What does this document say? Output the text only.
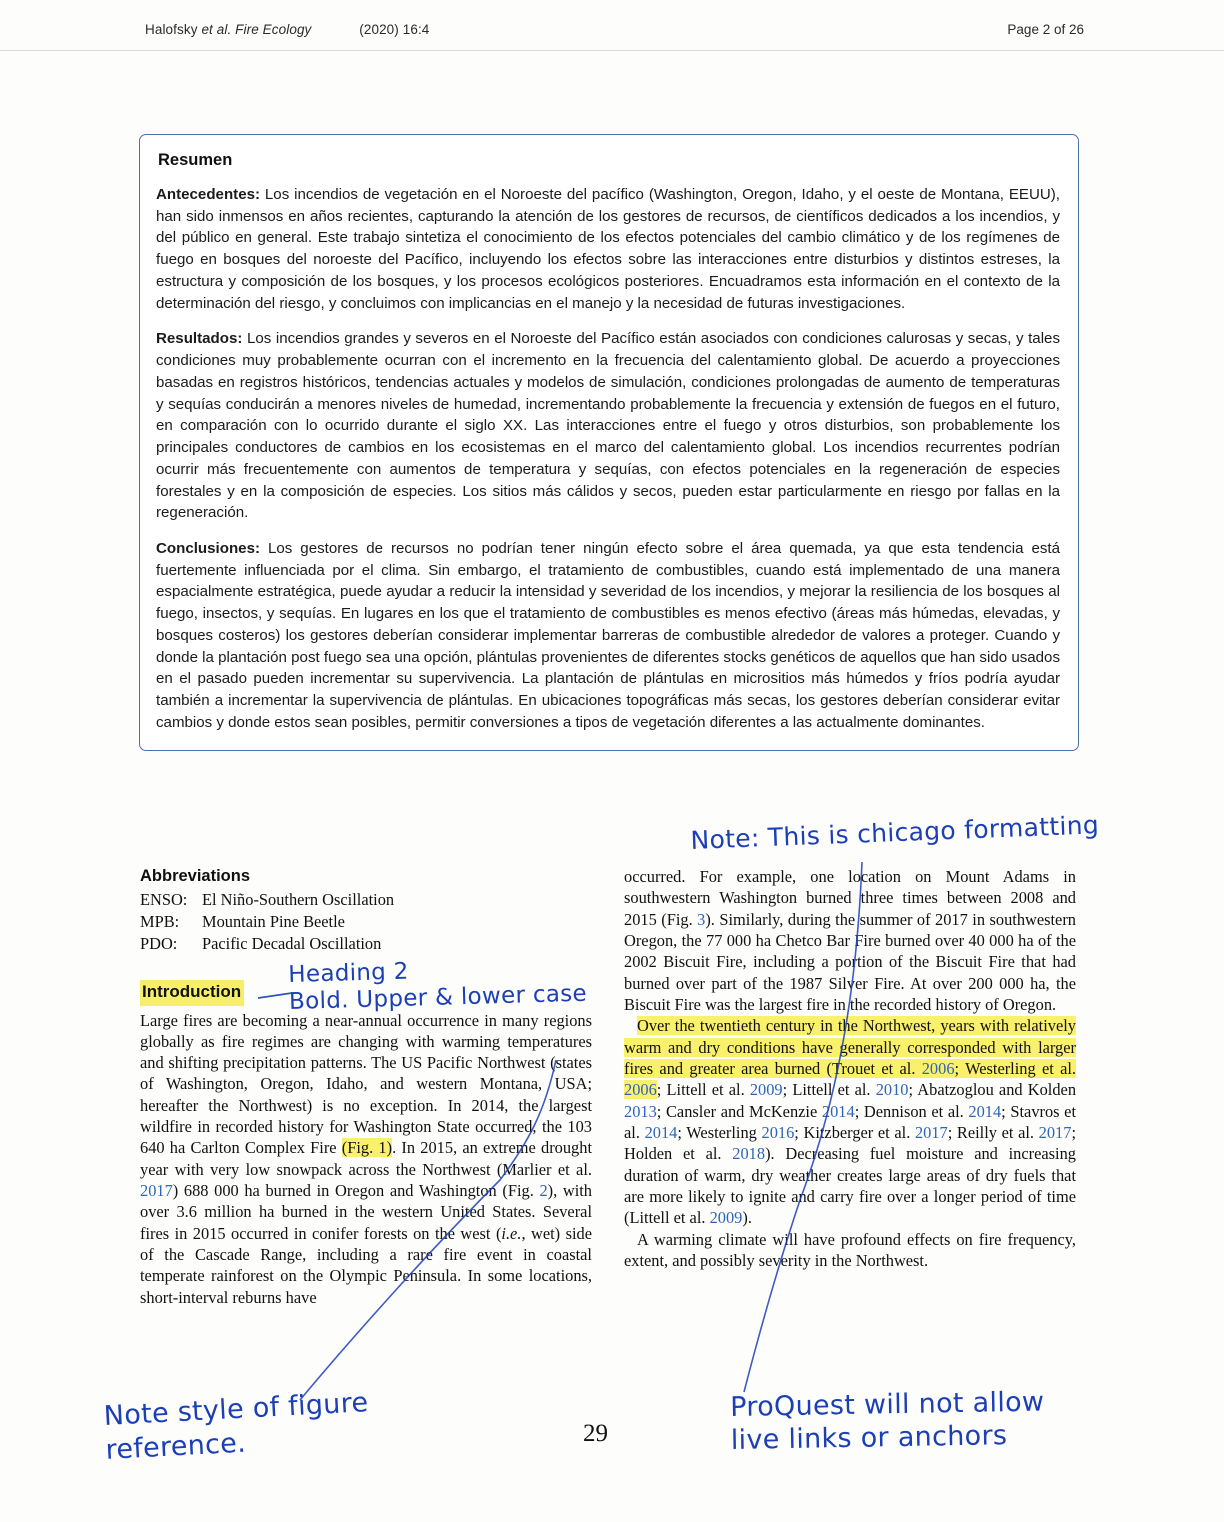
Halofsky et al. Fire Ecology	(2020) 16:4	Page 2 of 26
Resumen

Antecedentes: Los incendios de vegetación en el Noroeste del pacífico (Washington, Oregon, Idaho, y el oeste de Montana, EEUU), han sido inmensos en años recientes, capturando la atención de los gestores de recursos, de científicos dedicados a los incendios, y del público en general. Este trabajo sintetiza el conocimiento de los efectos potenciales del cambio climático y de los regímenes de fuego en bosques del noroeste del Pacífico, incluyendo los efectos sobre las interacciones entre disturbios y distintos estreses, la estructura y composición de los bosques, y los procesos ecológicos posteriores. Encuadramos esta información en el contexto de la determinación del riesgo, y concluimos con implicancias en el manejo y la necesidad de futuras investigaciones.

Resultados: Los incendios grandes y severos en el Noroeste del Pacífico están asociados con condiciones calurosas y secas, y tales condiciones muy probablemente ocurran con el incremento en la frecuencia del calentamiento global. De acuerdo a proyecciones basadas en registros históricos, tendencias actuales y modelos de simulación, condiciones prolongadas de aumento de temperaturas y sequías conducirán a menores niveles de humedad, incrementando probablemente la frecuencia y extensión de fuegos en el futuro, en comparación con lo ocurrido durante el siglo XX. Las interacciones entre el fuego y otros disturbios, son probablemente los principales conductores de cambios en los ecosistemas en el marco del calentamiento global. Los incendios recurrentes podrían ocurrir más frecuentemente con aumentos de temperatura y sequías, con efectos potenciales en la regeneración de especies forestales y en la composición de especies. Los sitios más cálidos y secos, pueden estar particularmente en riesgo por fallas en la regeneración.

Conclusiones: Los gestores de recursos no podrían tener ningún efecto sobre el área quemada, ya que esta tendencia está fuertemente influenciada por el clima. Sin embargo, el tratamiento de combustibles, cuando está implementado de una manera espacialmente estratégica, puede ayudar a reducir la intensidad y severidad de los incendios, y mejorar la resiliencia de los bosques al fuego, insectos, y sequías. En lugares en los que el tratamiento de combustibles es menos efectivo (áreas más húmedas, elevadas, y bosques costeros) los gestores deberían considerar implementar barreras de combustible alrededor de valores a proteger. Cuando y donde la plantación post fuego sea una opción, plántulas provenientes de diferentes stocks genéticos de aquellos que han sido usados en el pasado pueden incrementar su supervivencia. La plantación de plántulas en micrositios más húmedos y fríos podría ayudar también a incrementar la supervivencia de plántulas. En ubicaciones topográficas más secas, los gestores deberían considerar evitar cambios y donde estos sean posibles, permitir conversiones a tipos de vegetación diferentes a las actualmente dominantes.

Abbreviations
ENSO: El Niño-Southern Oscillation
MPB:	Mountain Pine Beetle
PDO:	Pacific Decadal Oscillation
Introduction

Large fires are becoming a near-annual occurrence in many regions globally as fire regimes are changing with warming temperatures and shifting precipitation patterns. The US Pacific Northwest (states of Washington, Oregon, Idaho, and western Montana, USA; hereafter the Northwest) is no exception. In 2014, the largest wildfire in recorded history for Washington State occurred, the 103 640 ha Carlton Complex Fire (Fig. 1). In 2015, an extreme drought year with very low snowpack across the Northwest (Marlier et al. 2017) 688 000 ha burned in Oregon and Washington (Fig. 2), with over 3.6 million ha burned in the western United States. Several fires in 2015 occurred in conifer forests on the west (i.e., wet) side of the Cascade Range, including a rare fire event in coastal temperate rainforest on the Olympic Peninsula. In some locations, short-interval reburns have

occurred. For example, one location on Mount Adams in southwestern Washington burned three times between 2008 and 2015 (Fig. 3). Similarly, during the summer of 2017 in southwestern Oregon, the 77 000 ha Chetco Bar Fire burned over 40 000 ha of the 2002 Biscuit Fire, including a portion of the Biscuit Fire that had burned over part of the 1987 Silver Fire. At over 200 000 ha, the Biscuit Fire was the largest fire in the recorded history of Oregon.

Over the twentieth century in the Northwest, years with relatively warm and dry conditions have generally corresponded with larger fires and greater area burned (Trouet et al. 2006; Westerling et al. 2006; Littell et al. 2009; Littell et al. 2010; Abatzoglou and Kolden 2013; Cansler and McKenzie 2014; Dennison et al. 2014; Stavros et al. 2014; Westerling 2016; Kitzberger et al. 2017; Reilly et al. 2017; Holden et al. 2018). Decreasing fuel moisture and increasing duration of warm, dry weather creates large areas of dry fuels that are more likely to ignite and carry fire over a longer period of time (Littell et al. 2009).

A warming climate will have profound effects on fire frequency, extent, and possibly severity in the Northwest.

29
Note: This is chicago formatting
Heading 2
Bold. Upper & lower case
Note style of figure
reference.
ProQuest will not allow
live links or anchors
